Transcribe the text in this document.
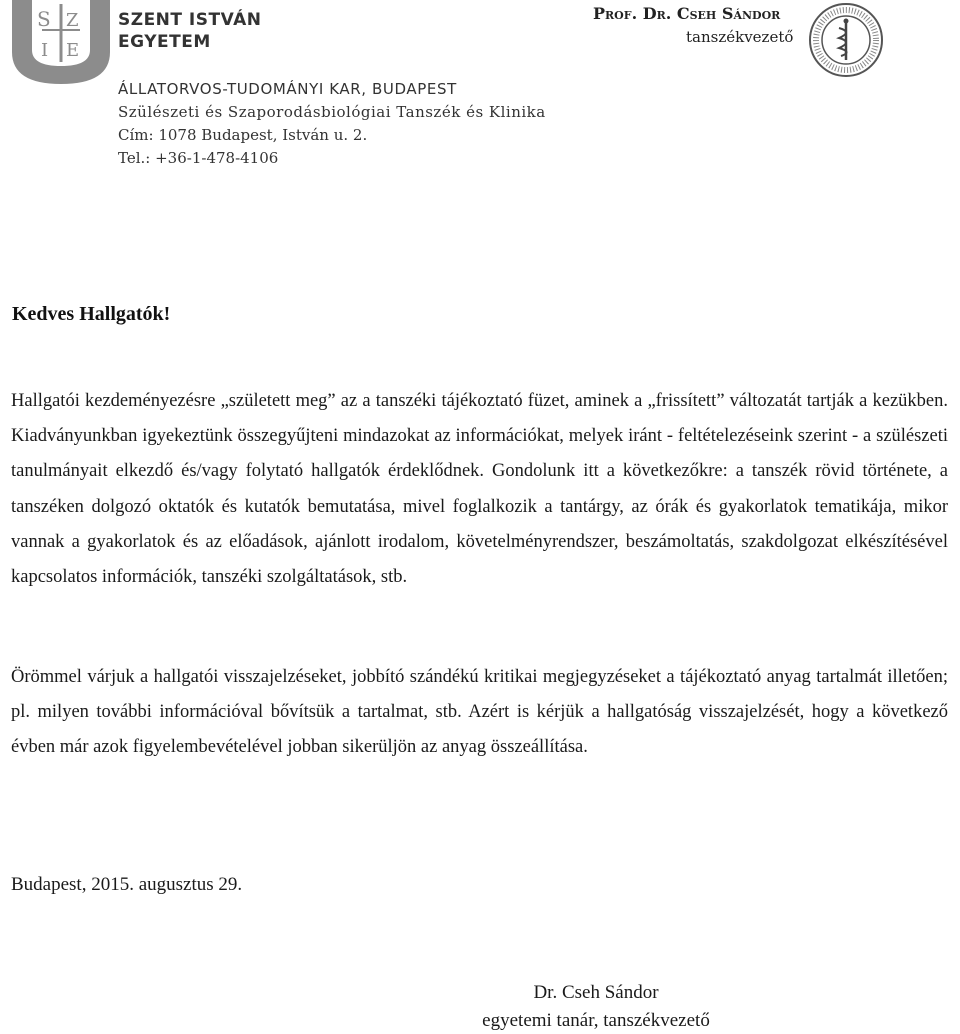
S Z
I E
SZENT ISTVÁN
EGYETEM
ÁLLATORVOS-TUDOMÁNYI KAR, BUDAPEST
Szülészeti és Szaporodásbiológiai Tanszék és Klinika
Cím: 1078 Budapest, István u. 2.
Tel.: +36-1-478-4106
Prof. Dr. Cseh Sándor
tanszékvezető
Kedves Hallgatók!
Hallgatói kezdeményezésre „született meg” az a tanszéki tájékoztató füzet, aminek a „frissített” változatát tartják a kezükben. Kiadványunkban igyekeztünk összegyűjteni mindazokat az információkat, melyek iránt - feltételezéseink szerint - a szülészeti tanulmányait elkezdő és/vagy folytató hallgatók érdeklődnek. Gondolunk itt a következőkre: a tanszék rövid története, a tanszéken dolgozó oktatók és kutatók bemutatása, mivel foglalkozik a tantárgy, az órák és gyakorlatok tematikája, mikor vannak a gyakorlatok és az előadások, ajánlott irodalom, követelményrendszer, beszámoltatás, szakdolgozat elkészítésével kapcsolatos információk, tanszéki szolgáltatások, stb.
Örömmel várjuk a hallgatói visszajelzéseket, jobbító szándékú kritikai megjegyzéseket a tájékoztató anyag tartalmát illetően; pl. milyen további információval bővítsük a tartalmat, stb. Azért is kérjük a hallgatóság visszajelzését, hogy a következő évben már azok figyelembevételével jobban sikerüljön az anyag összeállítása.
Budapest, 2015. augusztus 29.
Dr. Cseh Sándor
egyetemi tanár, tanszékvezető
